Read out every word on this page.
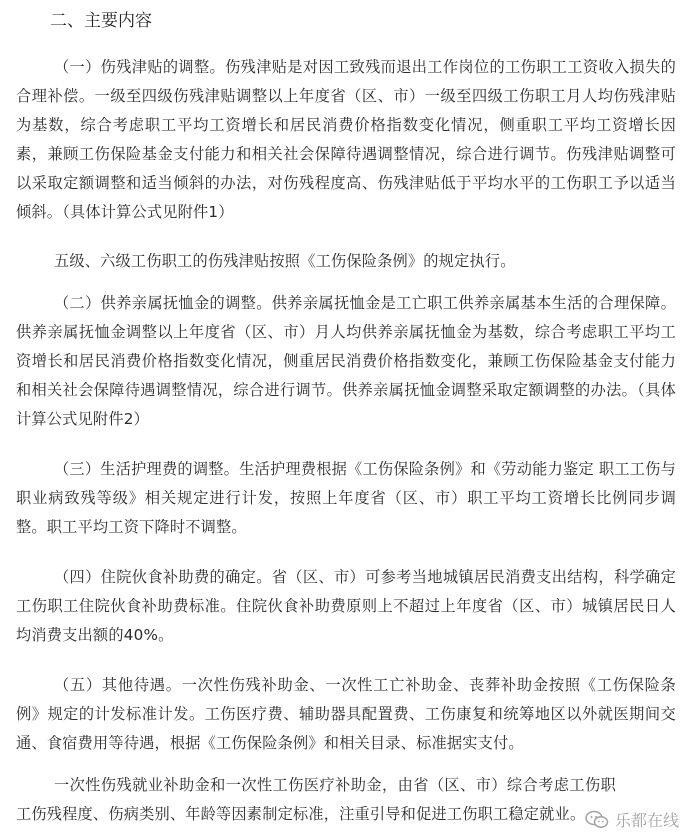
二、主要内容

（一）伤残津贴的调整。伤残津贴是对因工致残而退出工作岗位的工伤职工工资收入损失的合理补偿。一级至四级伤残津贴调整以上年度省（区、市）一级至四级工伤职工月人均伤残津贴为基数，综合考虑职工平均工资增长和居民消费价格指数变化情况，侧重职工平均工资增长因素，兼顾工伤保险基金支付能力和相关社会保障待遇调整情况，综合进行调节。伤残津贴调整可以采取定额调整和适当倾斜的办法，对伤残程度高、伤残津贴低于平均水平的工伤职工予以适当倾斜。（具体计算公式见附件1）

五级、六级工伤职工的伤残津贴按照《工伤保险条例》的规定执行。

（二）供养亲属抚恤金的调整。供养亲属抚恤金是工亡职工供养亲属基本生活的合理保障。供养亲属抚恤金调整以上年度省（区、市）月人均供养亲属抚恤金为基数，综合考虑职工平均工资增长和居民消费价格指数变化情况，侧重居民消费价格指数变化，兼顾工伤保险基金支付能力和相关社会保障待遇调整情况，综合进行调节。供养亲属抚恤金调整采取定额调整的办法。（具体计算公式见附件2）

（三）生活护理费的调整。生活护理费根据《工伤保险条例》和《劳动能力鉴定 职工工伤与职业病致残等级》相关规定进行计发，按照上年度省（区、市）职工平均工资增长比例同步调整。职工平均工资下降时不调整。

（四）住院伙食补助费的确定。省（区、市）可参考当地城镇居民消费支出结构，科学确定工伤职工住院伙食补助费标准。住院伙食补助费原则上不超过上年度省（区、市）城镇居民日人均消费支出额的40%。

（五）其他待遇。一次性伤残补助金、一次性工亡补助金、丧葬补助金按照《工伤保险条例》规定的计发标准计发。工伤医疗费、辅助器具配置费、工伤康复和统筹地区以外就医期间交通、食宿费用等待遇，根据《工伤保险条例》和相关目录、标准据实支付。

一次性伤残就业补助金和一次性工伤医疗补助金，由省（区、市）综合考虑工伤职工伤残程度、伤病类别、年龄等因素制定标准，注重引导和促进工伤职工稳定就业。	乐都在线
